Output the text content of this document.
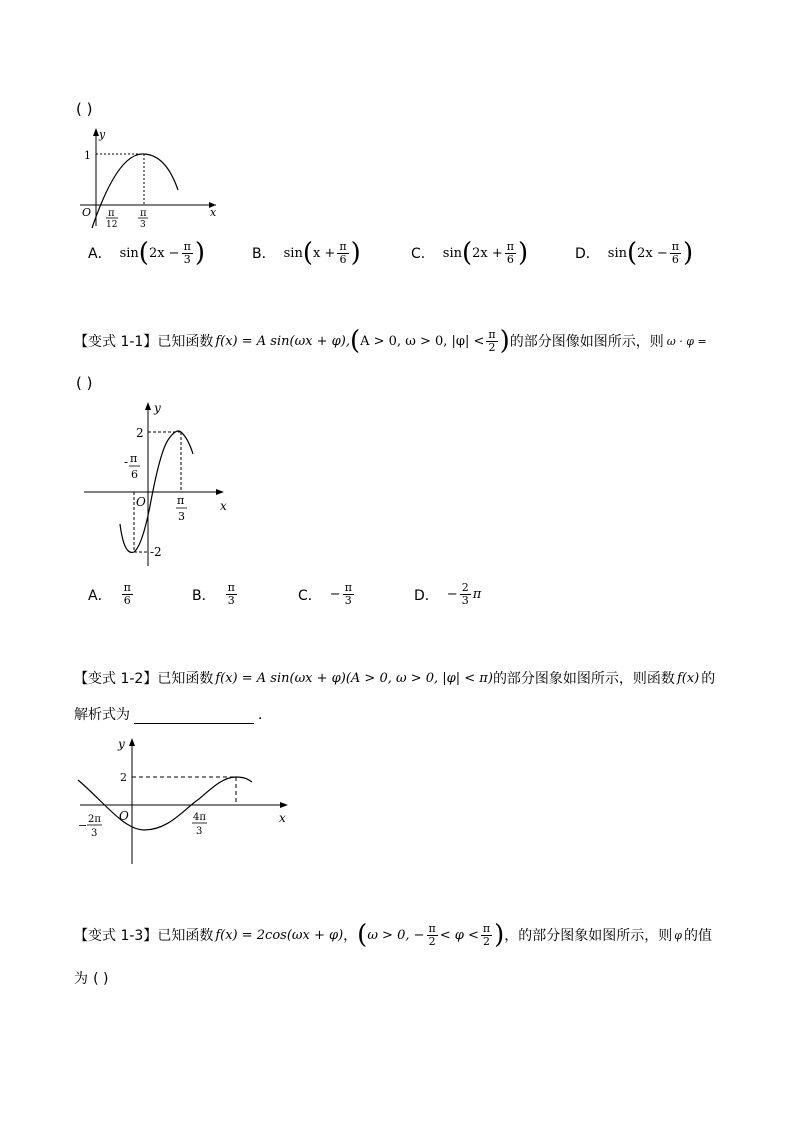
( )
y
x
O
1
π
12
π
3
A． sin ( $2x - \frac{\pi}{3}$ )	B． sin ( $x + \frac{\pi}{6}$ )	C． sin ( $2x + \frac{\pi}{6}$ )	D． sin ( $2x - \frac{\pi}{6}$ )
【变式 1-1】 已知函数 f(x) = A sin(ωx + φ), ( A > 0, ω > 0, $|\varphi| < \frac{\pi}{2}$ ) 的部分图像如图所示，则 ω · φ =
( )
y
x
O
2
-2
- π
6
π
3
A． $\frac{\pi}{6}$	B． $\frac{\pi}{3}$	C． − $\frac{\pi}{3}$	D． − $\frac{2}{3}$ π
【变式 1-2】 已知函数 f(x) = A sin(ωx + φ) (A > 0, ω > 0, |φ| < π) 的部分图象如图所示，则函数 f(x) 的
解析式为	．
y
x
O
2
− 2π
3
4π
3
【变式 1-3】 已知函数 f(x) = 2cos(ωx + φ) ， ( ω > 0, − $\frac{\pi}{2} < \varphi < \frac{\pi}{2}$ ) ，的部分图象如图所示，则 φ 的值
为 ( )
